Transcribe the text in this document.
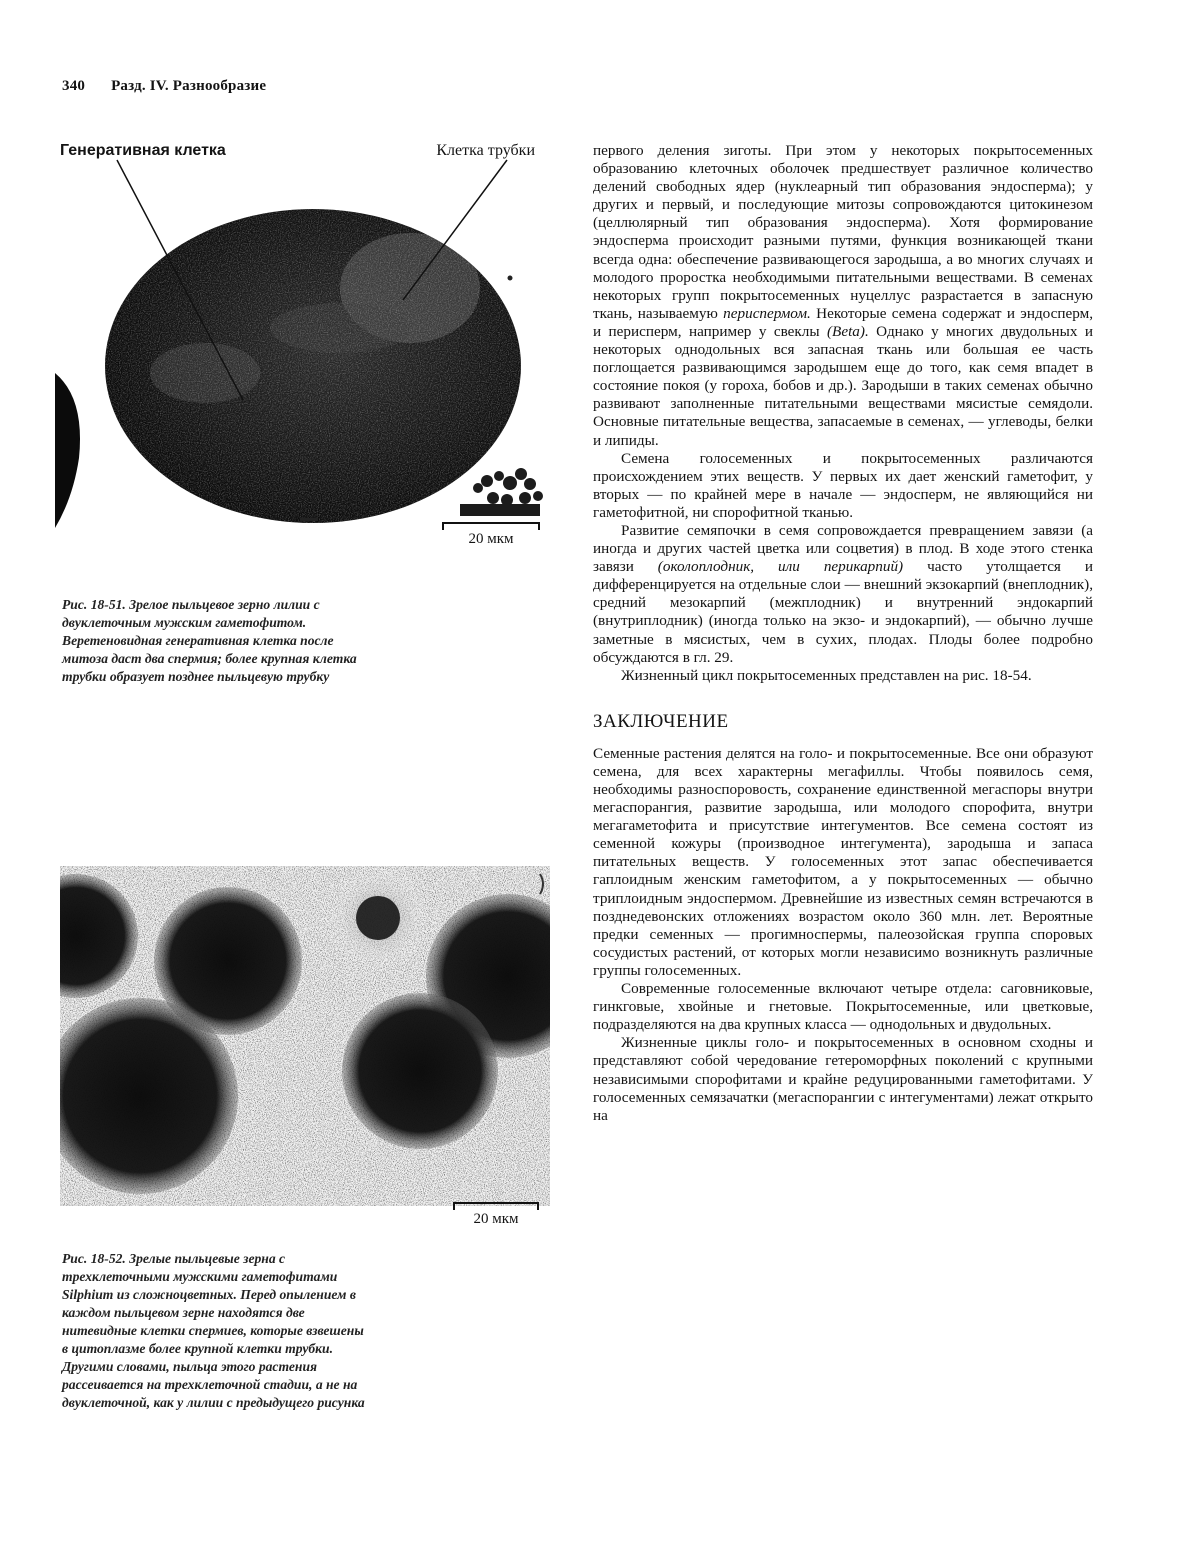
340 Разд. IV. Разнообразие
Генеративная клетка	Клетка трубки
20 мкм
Рис. 18-51. Зрелое пыльцевое зерно лилии с двуклеточным мужским гаметофитом. Веретеновидная генеративная клетка после митоза даст два спермия; более крупная клетка трубки образует позднее пыльцевую трубку
20 мкм
Рис. 18-52. Зрелые пыльцевые зерна с трехклеточными мужскими гаметофитами Silphium из сложноцветных. Перед опылением в каждом пыльцевом зерне находятся две нитевидные клетки спермиев, которые взвешены в цитоплазме более крупной клетки трубки. Другими словами, пыльца этого растения рассеивается на трехклеточной стадии, а не на двуклеточной, как у лилии с предыдущего рисунка

первого деления зиготы. При этом у некоторых покрытосеменных образованию клеточных оболочек предшествует различное количество делений свободных ядер (нуклеарный тип образования эндосперма); у других и первый, и последующие митозы сопровождаются цитокинезом (целлюлярный тип образования эндосперма). Хотя формирование эндосперма происходит разными путями, функция возникающей ткани всегда одна: обеспечение развивающегося зародыша, а во многих случаях и молодого проростка необходимыми питательными веществами. В семенах некоторых групп покрытосеменных нуцеллус разрастается в запасную ткань, называемую периспермом. Некоторые семена содержат и эндосперм, и перисперм, например у свеклы (Beta). Однако у многих двудольных и некоторых однодольных вся запасная ткань или большая ее часть поглощается развивающимся зародышем еще до того, как семя впадет в состояние покоя (у гороха, бобов и др.). Зародыши в таких семенах обычно развивают заполненные питательными веществами мясистые семядоли. Основные питательные вещества, запасаемые в семенах, — углеводы, белки и липиды.

Семена голосеменных и покрытосеменных различаются происхождением этих веществ. У первых их дает женский гаметофит, у вторых — по крайней мере в начале — эндосперм, не являющийся ни гаметофитной, ни спорофитной тканью.

Развитие семяпочки в семя сопровождается превращением завязи (а иногда и других частей цветка или соцветия) в плод. В ходе этого стенка завязи (околоплодник, или перикарпий) часто утолщается и дифференцируется на отдельные слои — внешний экзокарпий (внеплодник), средний мезокарпий (межплодник) и внутренний эндокарпий (внутриплодник) (иногда только на экзо- и эндокарпий), — обычно лучше заметные в мясистых, чем в сухих, плодах. Плоды более подробно обсуждаются в гл. 29.

Жизненный цикл покрытосеменных представлен на рис. 18-54.

ЗАКЛЮЧЕНИЕ

Семенные растения делятся на голо- и покрытосеменные. Все они образуют семена, для всех характерны мегафиллы. Чтобы появилось семя, необходимы разноспоровость, сохранение единственной мегаспоры внутри мегаспорангия, развитие зародыша, или молодого спорофита, внутри мегагаметофита и присутствие интегументов. Все семена состоят из семенной кожуры (производное интегумента), зародыша и запаса питательных веществ. У голосеменных этот запас обеспечивается гаплоидным женским гаметофитом, а у покрытосеменных — обычно триплоидным эндоспермом. Древнейшие из известных семян встречаются в позднедевонских отложениях возрастом около 360 млн. лет. Вероятные предки семенных — прогимноспермы, палеозойская группа споровых сосудистых растений, от которых могли независимо возникнуть различные группы голосеменных.

Современные голосеменные включают четыре отдела: саговниковые, гинкговые, хвойные и гнетовые. Покрытосеменные, или цветковые, подразделяются на два крупных класса — однодольных и двудольных.

Жизненные циклы голо- и покрытосеменных в основном сходны и представляют собой чередование гетероморфных поколений с крупными независимыми спорофитами и крайне редуцированными гаметофитами. У голосеменных семязачатки (мегаспорангии с интегументами) лежат открыто на
